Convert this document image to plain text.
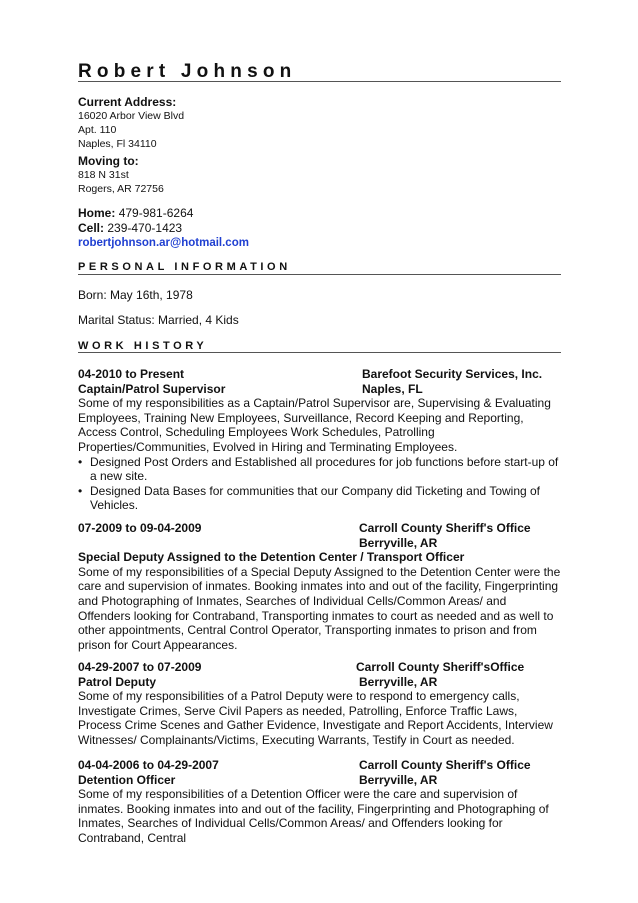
Robert Johnson
Current Address:
16020 Arbor View Blvd
Apt. 110
Naples, Fl 34110
Moving to:
818 N 31st
Rogers, AR 72756
Home: 479-981-6264
Cell: 239-470-1423
robertjohnson.ar@hotmail.com
PERSONAL INFORMATION

Born: May 16th, 1978

Marital Status: Married, 4 Kids

WORK HISTORY
04-2010 to Present	Barefoot Security Services, Inc.
Captain/Patrol Supervisor	Naples, FL

Some of my responsibilities as a Captain/Patrol Supervisor are, Supervising & Evaluating Employees, Training New Employees, Surveillance, Record Keeping and Reporting, Access Control, Scheduling Employees Work Schedules, Patrolling Properties/Communities, Evolved in Hiring and Terminating Employees.

• Designed Post Orders and Established all procedures for job functions before start-up of a new site.
• Designed Data Bases for communities that our Company did Ticketing and Towing of Vehicles.
07-2009 to 09-04-2009	Carroll County Sheriff's Office
Berryville, AR
Special Deputy Assigned to the Detention Center / Transport Officer

Some of my responsibilities of a Special Deputy Assigned to the Detention Center were the care and supervision of inmates. Booking inmates into and out of the facility, Fingerprinting and Photographing of Inmates, Searches of Individual Cells/Common Areas/ and Offenders looking for Contraband, Transporting inmates to court as needed and as well to other appointments, Central Control Operator, Transporting inmates to prison and from prison for Court Appearances.

04-29-2007 to 07-2009	Carroll County Sheriff'sOffice
Patrol Deputy	Berryville, AR

Some of my responsibilities of a Patrol Deputy were to respond to emergency calls, Investigate Crimes, Serve Civil Papers as needed, Patrolling, Enforce Traffic Laws, Process Crime Scenes and Gather Evidence, Investigate and Report Accidents, Interview Witnesses/ Complainants/Victims, Executing Warrants, Testify in Court as needed.

04-04-2006 to 04-29-2007	Carroll County Sheriff's Office
Detention Officer	Berryville, AR

Some of my responsibilities of a Detention Officer were the care and supervision of inmates. Booking inmates into and out of the facility, Fingerprinting and Photographing of Inmates, Searches of Individual Cells/Common Areas/ and Offenders looking for Contraband, Central
